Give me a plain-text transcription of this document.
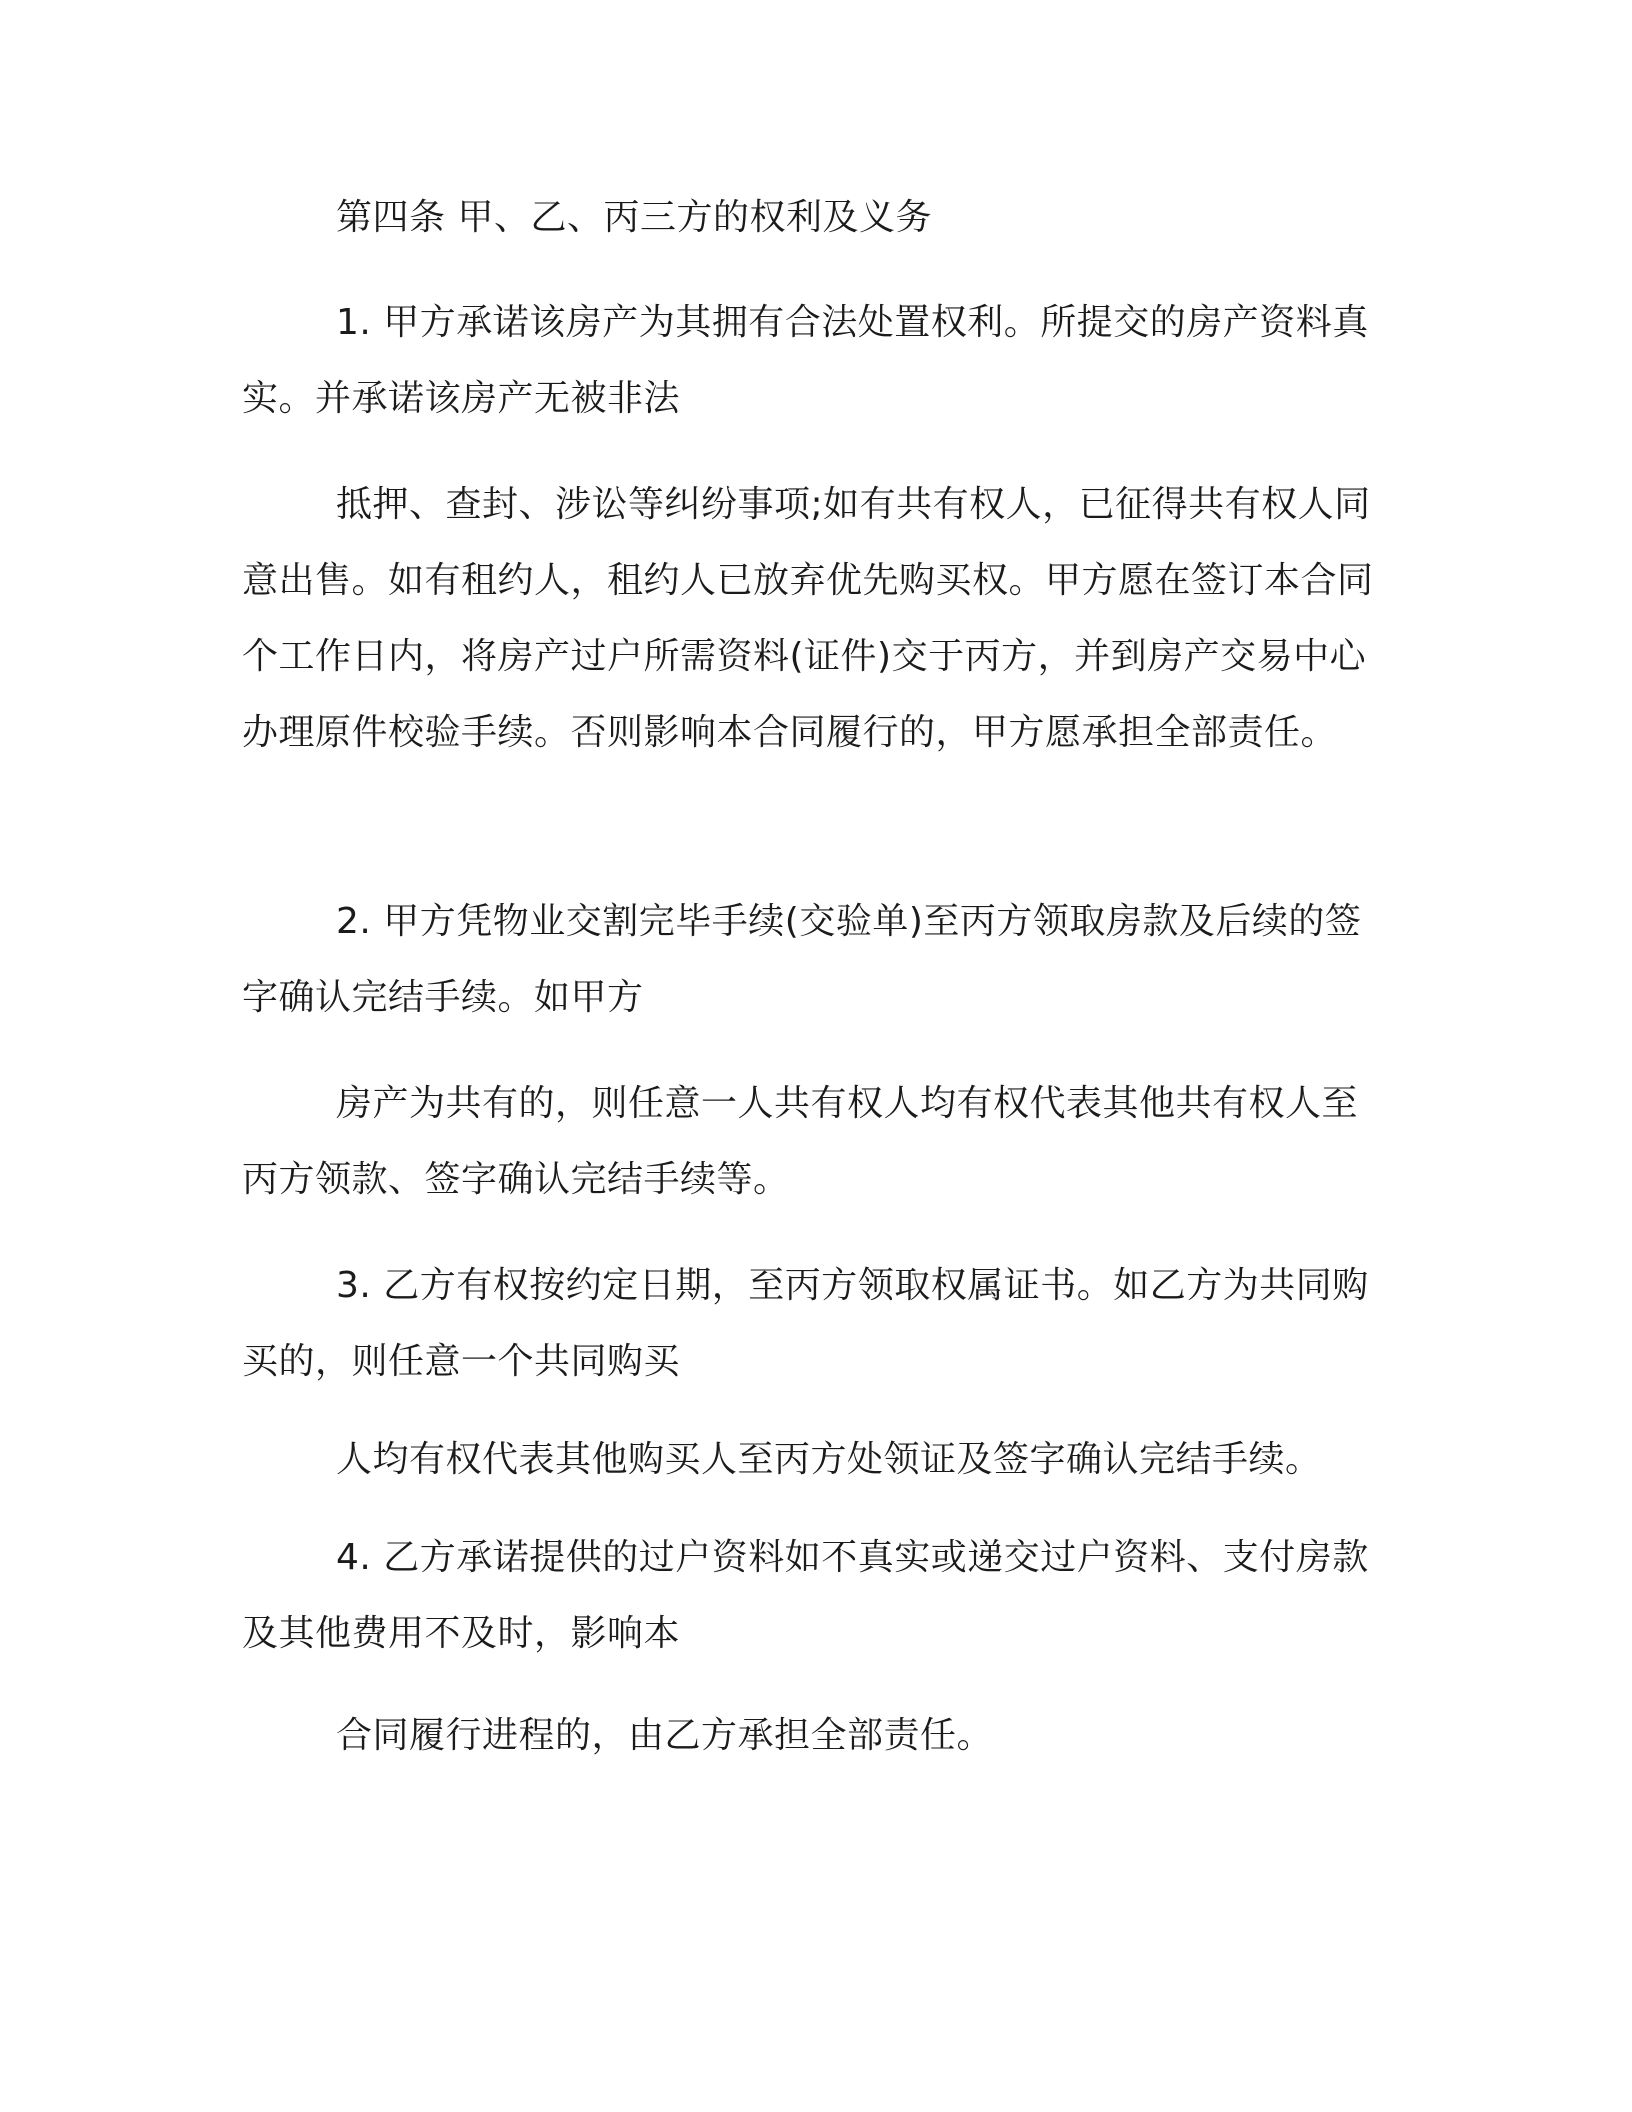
第四条 甲、乙、丙三方的权利及义务

1. 甲方承诺该房产为其拥有合法处置权利。所提交的房产资料真实。并承诺该房产无被非法

抵押、查封、涉讼等纠纷事项;如有共有权人，已征得共有权人同意出售。如有租约人，租约人已放弃优先购买权。甲方愿在签订本合同 个工作日内，将房产过户所需资料(证件)交于丙方，并到房产交易中心办理原件校验手续。否则影响本合同履行的，甲方愿承担全部责任。

2. 甲方凭物业交割完毕手续(交验单)至丙方领取房款及后续的签字确认完结手续。如甲方

房产为共有的，则任意一人共有权人均有权代表其他共有权人至丙方领款、签字确认完结手续等。

3. 乙方有权按约定日期，至丙方领取权属证书。如乙方为共同购买的，则任意一个共同购买

人均有权代表其他购买人至丙方处领证及签字确认完结手续。

4. 乙方承诺提供的过户资料如不真实或递交过户资料、支付房款及其他费用不及时，影响本

合同履行进程的，由乙方承担全部责任。
